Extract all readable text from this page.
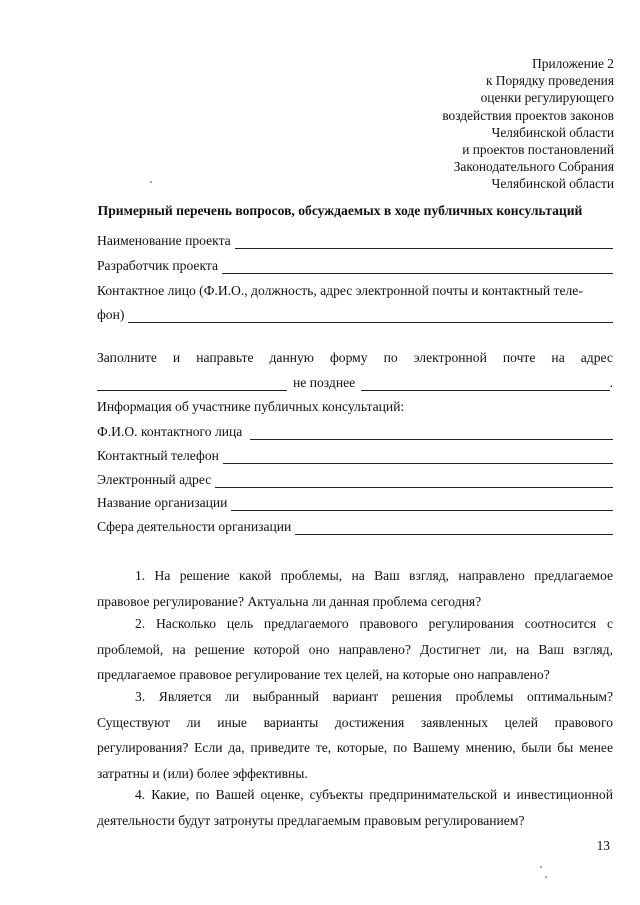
Приложение 2
к Порядку проведения
оценки регулирующего
воздействия проектов законов
Челябинской области
и проектов постановлений
Законодательного Собрания
Челябинской области
Примерный перечень вопросов, обсуждаемых в ходе публичных консультаций
Наименование проекта
Разработчик проекта
Контактное лицо (Ф.И.О., должность, адрес электронной почты и контактный теле-
фон)
Заполните и направьте данную форму по электронной почте на адрес
не позднее	.
Информация об участнике публичных консультаций:
Ф.И.О. контактного лица
Контактный телефон
Электронный адрес
Название организации
Сфера деятельности организации
1. На решение какой проблемы, на Ваш взгляд, направлено предлагаемое правовое регулирование? Актуальна ли данная проблема сегодня?
2. Насколько цель предлагаемого правового регулирования соотносится с проблемой, на решение которой оно направлено? Достигнет ли, на Ваш взгляд, предлагаемое правовое регулирование тех целей, на которые оно направлено?
3. Является ли выбранный вариант решения проблемы оптимальным? Существуют ли иные варианты достижения заявленных целей правового регулирования? Если да, приведите те, которые, по Вашему мнению, были бы менее затратны и (или) более эффективны.
4. Какие, по Вашей оценке, субъекты предпринимательской и инвестиционной деятельности будут затронуты предлагаемым правовым регулированием?
13
